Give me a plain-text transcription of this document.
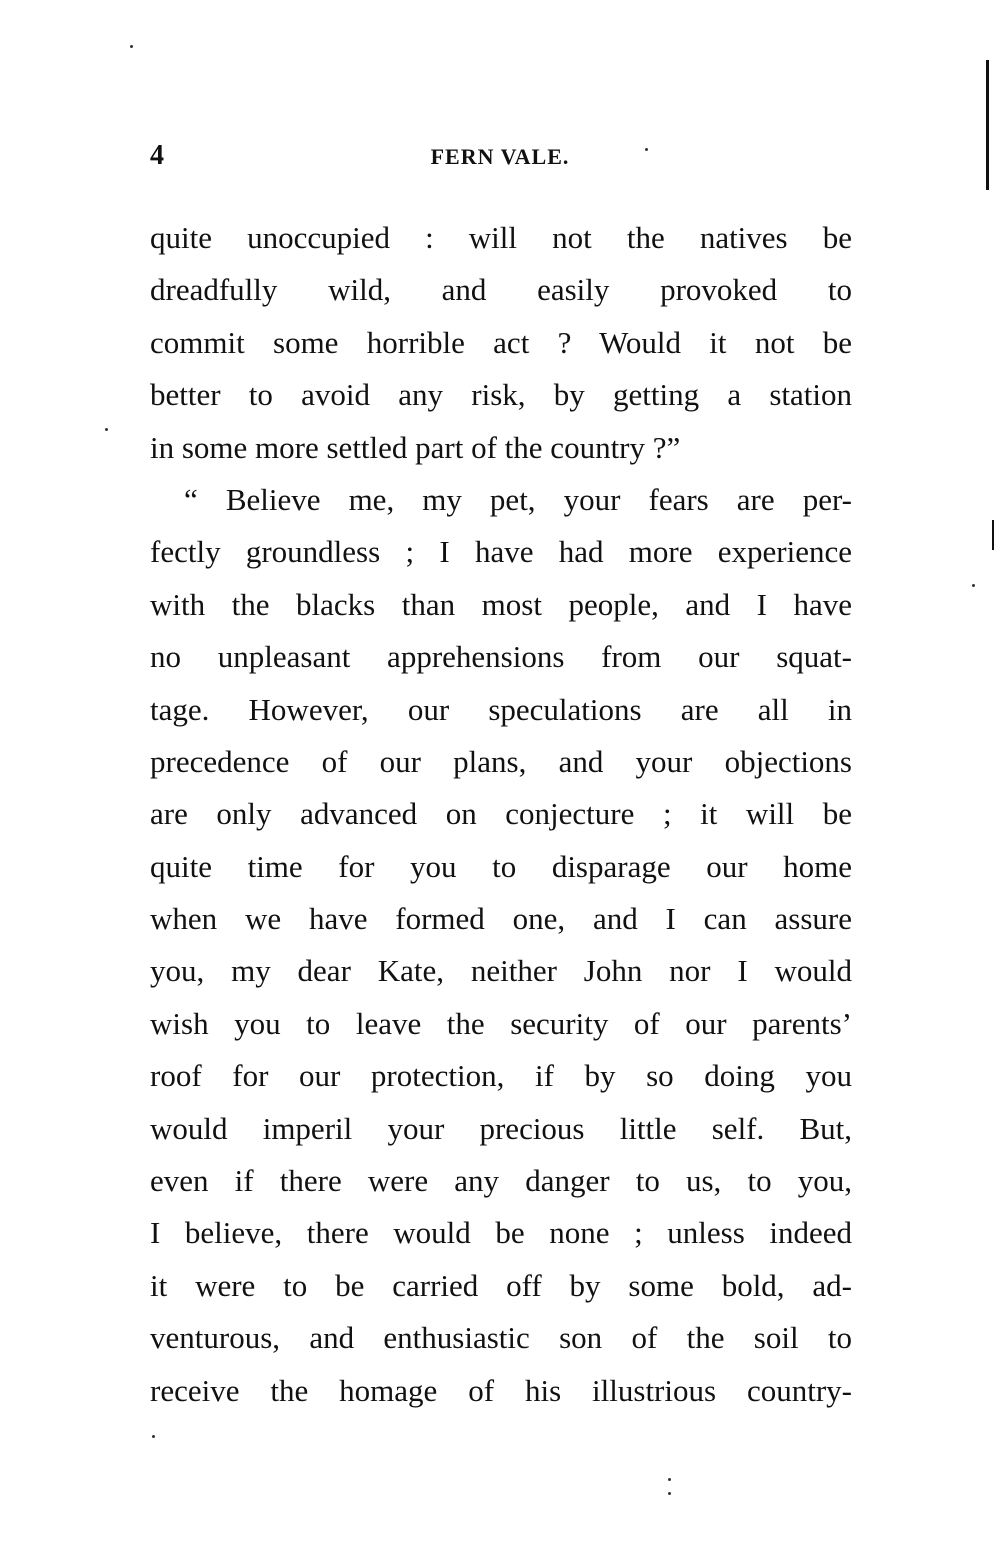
4	FERN VALE.
quite unoccupied : will not the natives be
dreadfully wild, and easily provoked to
commit some horrible act ? Would it not be
better to avoid any risk, by getting a station
in some more settled part of the country ?”
“ Believe me, my pet, your fears are per-
fectly groundless ; I have had more experience
with the blacks than most people, and I have
no unpleasant apprehensions from our squat-
tage. However, our speculations are all in
precedence of our plans, and your objections
are only advanced on conjecture ; it will be
quite time for you to disparage our home
when we have formed one, and I can assure
you, my dear Kate, neither John nor I would
wish you to leave the security of our parents’
roof for our protection, if by so doing you
would imperil your precious little self. But,
even if there were any danger to us, to you,
I believe, there would be none ; unless indeed
it were to be carried off by some bold, ad-
venturous, and enthusiastic son of the soil to
receive the homage of his illustrious country-
